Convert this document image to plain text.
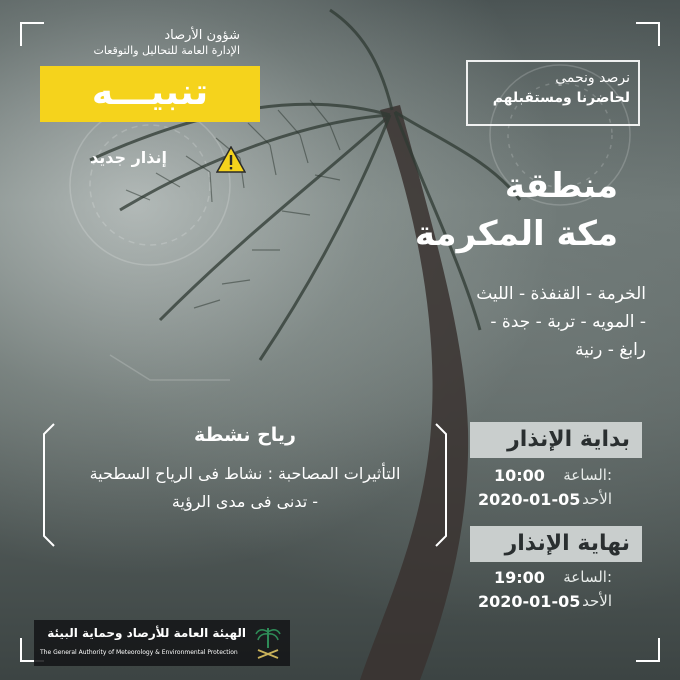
شؤون الأرصاد
الإدارة العامة للتحاليل والتوقعات
تنبيـــه
إنذار جديد
نرصد ونحمي
لحاضرنا ومستقبلهم
منطقة
مكة المكرمة
الخرمة - القنفذة - الليث
- المويه - تربة - جدة -
رابغ - رنية
رياح نشطة
التأثيرات المصاحبة : نشاط فى الرياح السطحية
- تدنى فى مدى الرؤية
بداية الإنذار
الساعة:
10:00
الأحد
2020-01-05
نهاية الإنذار
الساعة:
19:00
الأحد
2020-01-05
الهيئة العامة للأرصاد وحماية البيئة
The General Authority of Meteorology & Environmental Protection
